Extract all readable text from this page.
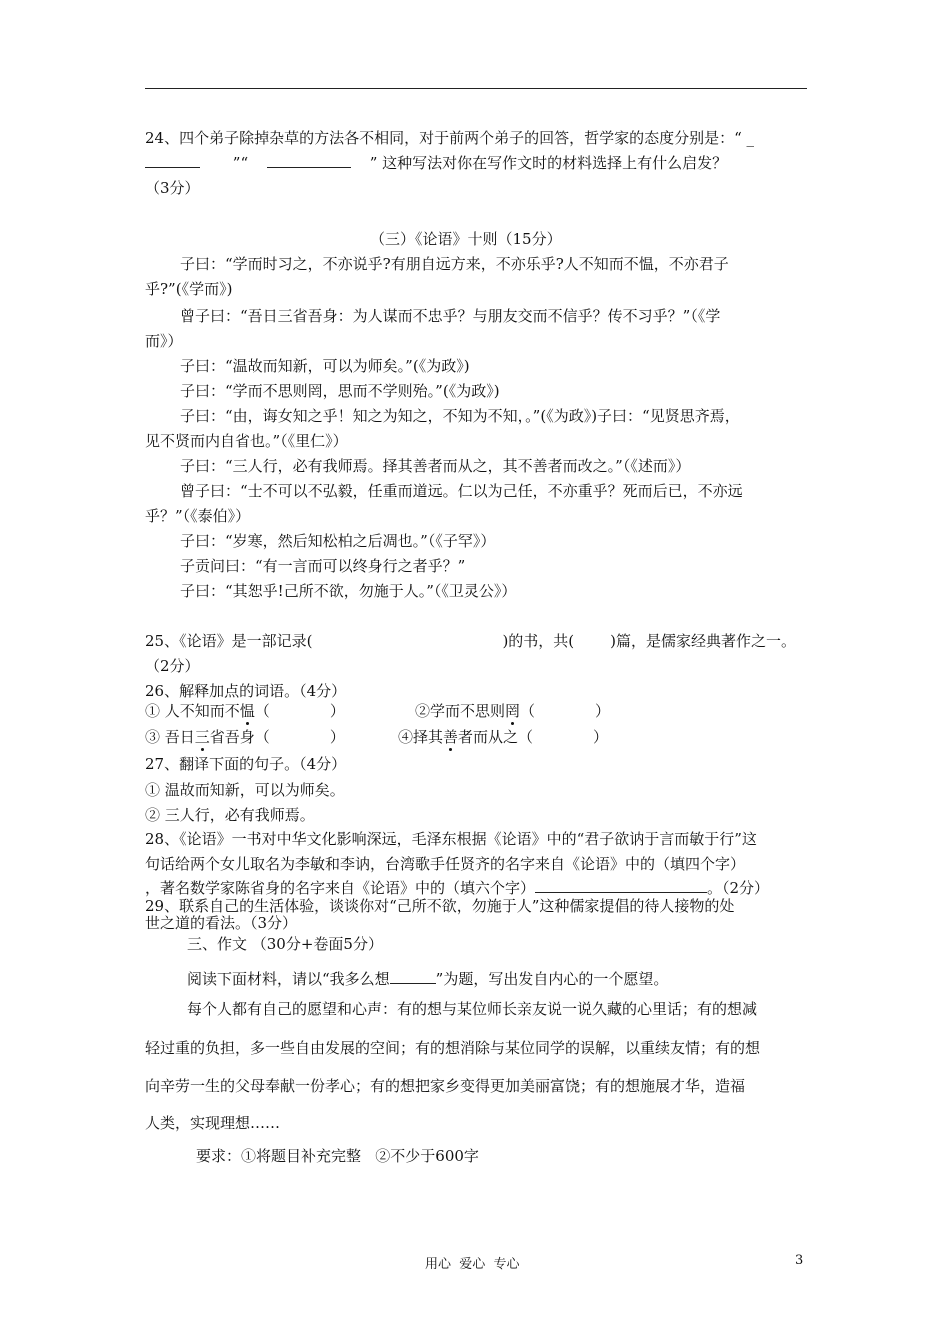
24、四个弟子除掉杂草的方法各不相同，对于前两个弟子的回答，哲学家的态度分别是：“ _
”“	” 这种写法对你在写作文时的材料选择上有什么启发？
（3分）
（三）《论语》十则（15分）
子曰：“学而时习之，不亦说乎?有朋自远方来，不亦乐乎?人不知而不愠，不亦君子
乎?”(《学而》)
曾子曰：“吾日三省吾身：为人谋而不忠乎？与朋友交而不信乎？传不习乎？”（《学
而》）
子曰：“温故而知新，可以为师矣。”(《为政》)
子曰：“学而不思则罔，思而不学则殆。”(《为政》)
子曰：“由，诲女知之乎！知之为知之，不知为不知，。”(《为政》)子曰：“见贤思齐焉，
见不贤而内自省也。”（《里仁》）
子曰：“三人行，必有我师焉。择其善者而从之，其不善者而改之。”（《述而》）
曾子曰：“士不可以不弘毅，任重而道远。仁以为己任，不亦重乎？死而后已，不亦远
乎？”（《泰伯》）
子曰：“岁寒，然后知松柏之后凋也。”（《子罕》）
子贡问曰：“有一言而可以终身行之者乎？”
子曰：“其恕乎!己所不欲，勿施于人。”（《卫灵公》）
25、《论语》是一部记录(	)的书，共( )篇，是儒家经典著作之一。
（2分）
26、解释加点的词语。（4分）
① 人不知而不愠（	）	②学而不思则罔（	）
③ 吾日三省吾身（	）	④择其善者而从之（	）
27、翻译下面的句子。（4分）
① 温故而知新，可以为师矣。
② 三人行，必有我师焉。
28、《论语》一书对中华文化影响深远，毛泽东根据《论语》中的“君子欲讷于言而敏于行”这
句话给两个女儿取名为李敏和李讷，台湾歌手任贤齐的名字来自《论语》中的（填四个字）
，著名数学家陈省身的名字来自《论语》中的（填六个字）	。（2分）
29、联系自己的生活体验，谈谈你对“己所不欲，勿施于人”这种儒家提倡的待人接物的处
世之道的看法。（3分）
三、作文 （30分+卷面5分）
阅读下面材料，请以“我多么想	”为题，写出发自内心的一个愿望。
每个人都有自己的愿望和心声：有的想与某位师长亲友说一说久藏的心里话；有的想减
轻过重的负担，多一些自由发展的空间；有的想消除与某位同学的误解，以重续友情；有的想
向辛劳一生的父母奉献一份孝心；有的想把家乡变得更加美丽富饶；有的想施展才华，造福
人类，实现理想……
要求：①将题目补充完整   ②不少于600字
用心  爱心  专心	3
